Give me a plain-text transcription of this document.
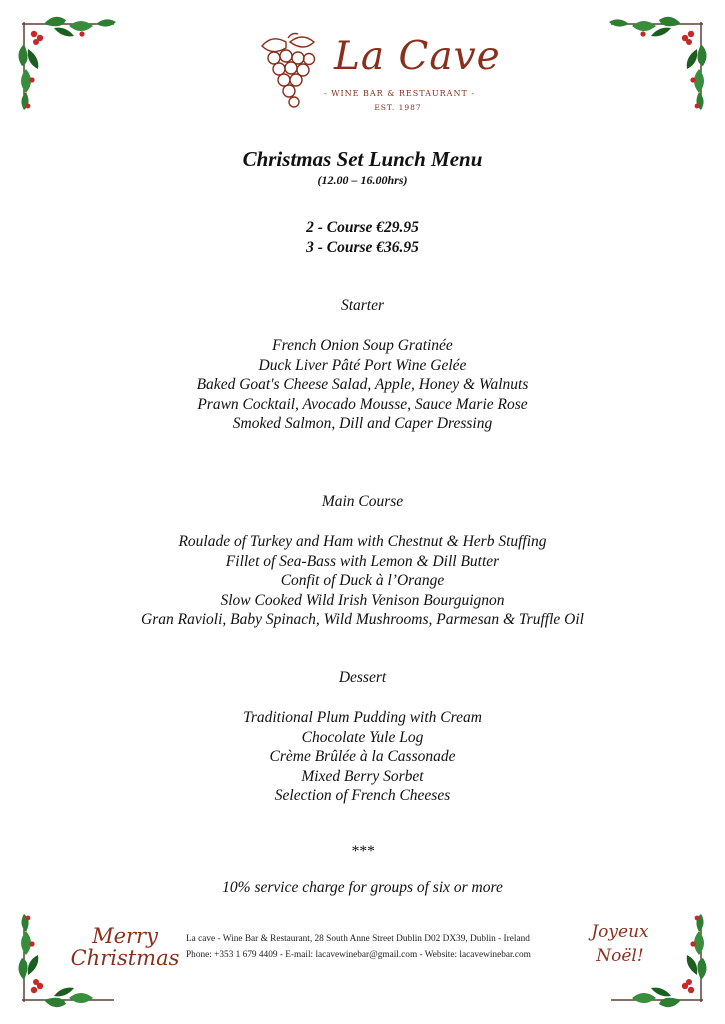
La Cave
- WINE BAR & RESTAURANT -
EST. 1987
Christmas Set Lunch Menu
(12.00 – 16.00hrs)
2 - Course €29.95
3 - Course €36.95
Starter
French Onion Soup Gratinée
Duck Liver Pâté Port Wine Gelée
Baked Goat's Cheese Salad, Apple, Honey & Walnuts
Prawn Cocktail, Avocado Mousse, Sauce Marie Rose
Smoked Salmon, Dill and Caper Dressing
Main Course
Roulade of Turkey and Ham with Chestnut & Herb Stuffing
Fillet of Sea-Bass with Lemon & Dill Butter
Confit of Duck à l’Orange
Slow Cooked Wild Irish Venison Bourguignon
Gran Ravioli, Baby Spinach, Wild Mushrooms, Parmesan & Truffle Oil
Dessert
Traditional Plum Pudding with Cream
Chocolate Yule Log
Crème Brûlée à la Cassonade
Mixed Berry Sorbet
Selection of French Cheeses
***
10% service charge for groups of six or more
Merry
Christmas
Joyeux
Noël!
La cave - Wine Bar & Restaurant, 28 South Anne Street Dublin D02 DX39, Dublin - Ireland
Phone: +353 1 679 4409 - E-mail: lacavewinebar@gmail.com - Website: lacavewinebar.com
